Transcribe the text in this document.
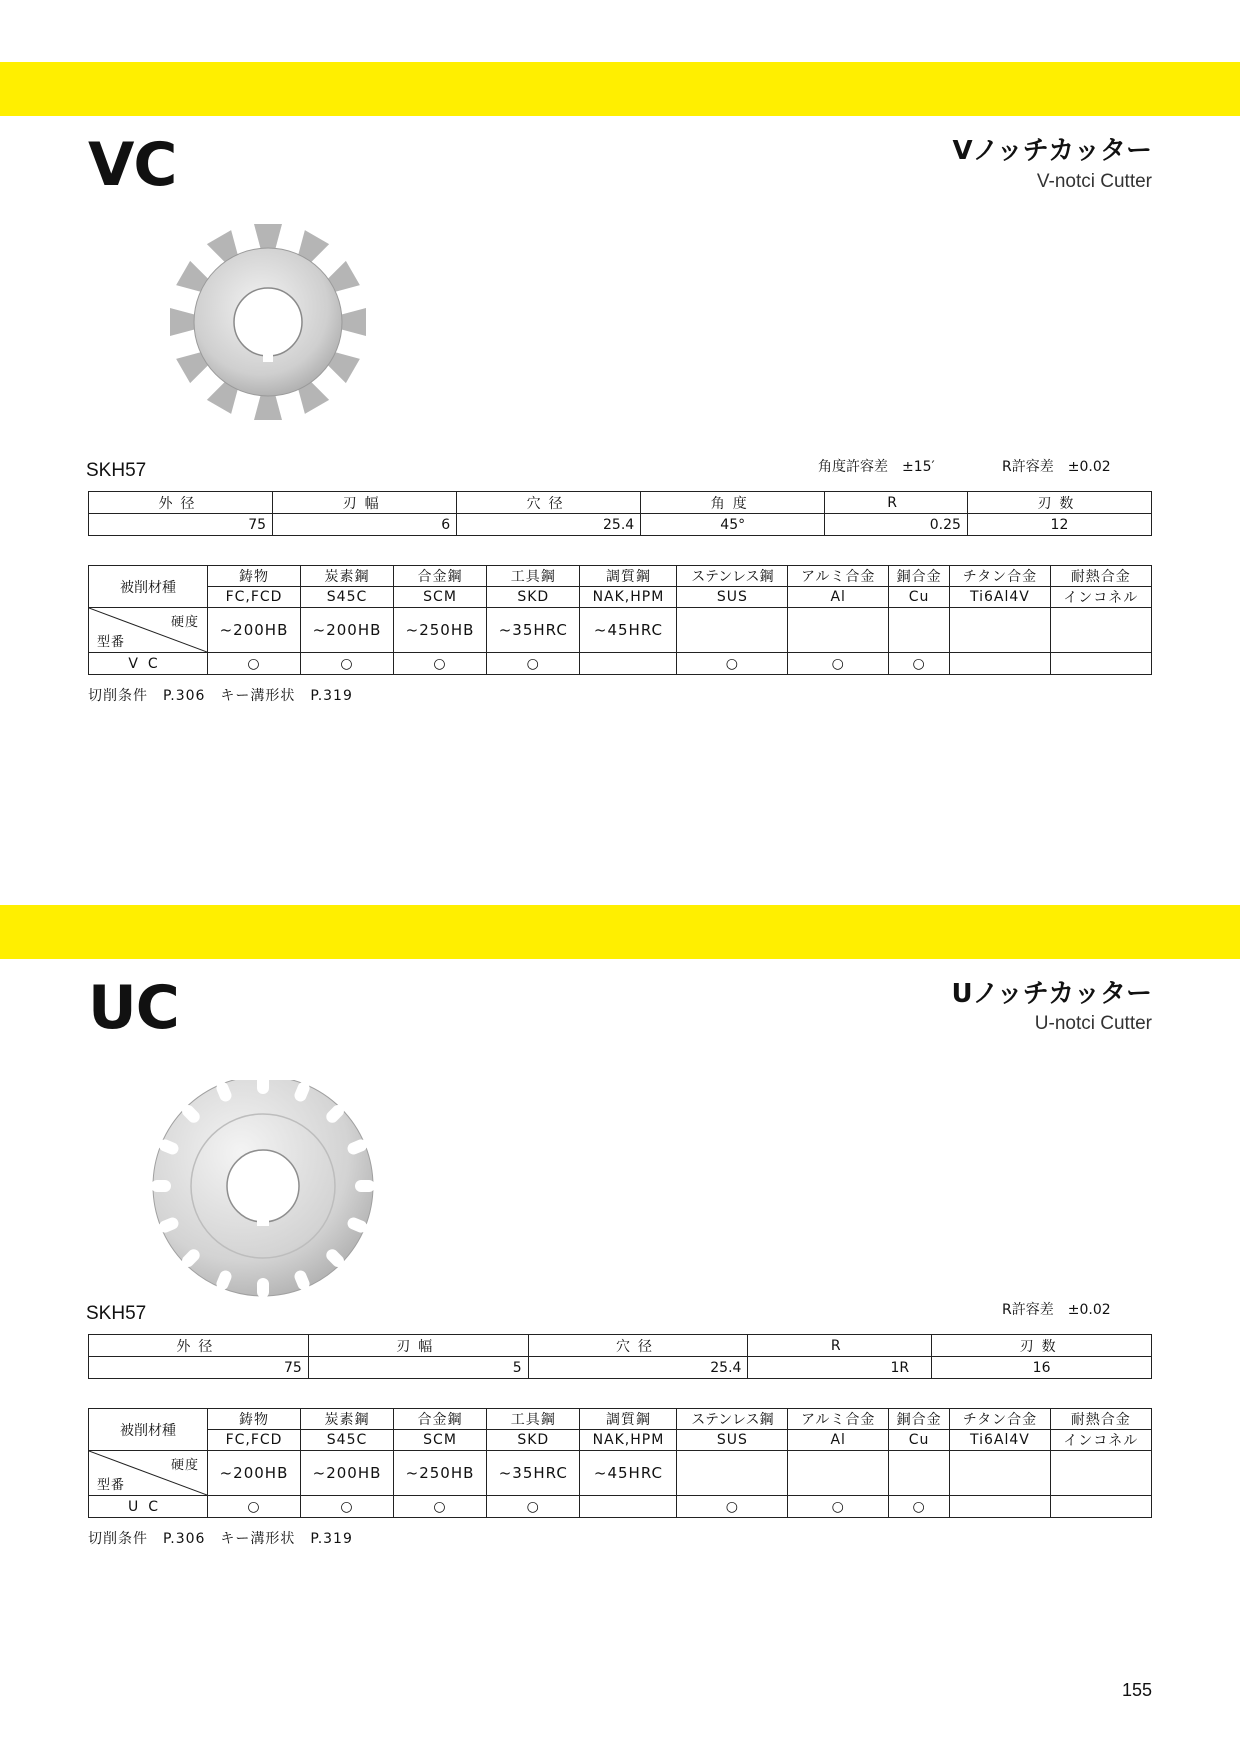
VC	Vノッチカッター
V-notci Cutter
SKH57	角度許容差　±15′	R許容差　±0.02
外径	刃幅	穴径	角度	R	刃数
75	6	25.4	45°	0.25	12
被削材種	鋳物	炭素鋼	合金鋼	工具鋼	調質鋼	ステンレス鋼	アルミ合金	銅合金	チタン合金	耐熱合金
	FC,FCD	S45C	SCM	SKD	NAK,HPM	SUS	Al	Cu	Ti6Al4V	インコネル

硬度
型番	~200HB	~200HB	~250HB	~35HRC	~45HRC					
VC	○	○	○	○		○	○	○		
切削条件　P.306　キー溝形状　P.319
UC	Uノッチカッター
U-notci Cutter
SKH57	R許容差　±0.02
外径	刃幅	穴径	R	刃数
75	5	25.4	1R	16
被削材種	鋳物	炭素鋼	合金鋼	工具鋼	調質鋼	ステンレス鋼	アルミ合金	銅合金	チタン合金	耐熱合金
	FC,FCD	S45C	SCM	SKD	NAK,HPM	SUS	Al	Cu	Ti6Al4V	インコネル

硬度
型番	~200HB	~200HB	~250HB	~35HRC	~45HRC					
UC	○	○	○	○		○	○	○		
切削条件　P.306　キー溝形状　P.319
155
